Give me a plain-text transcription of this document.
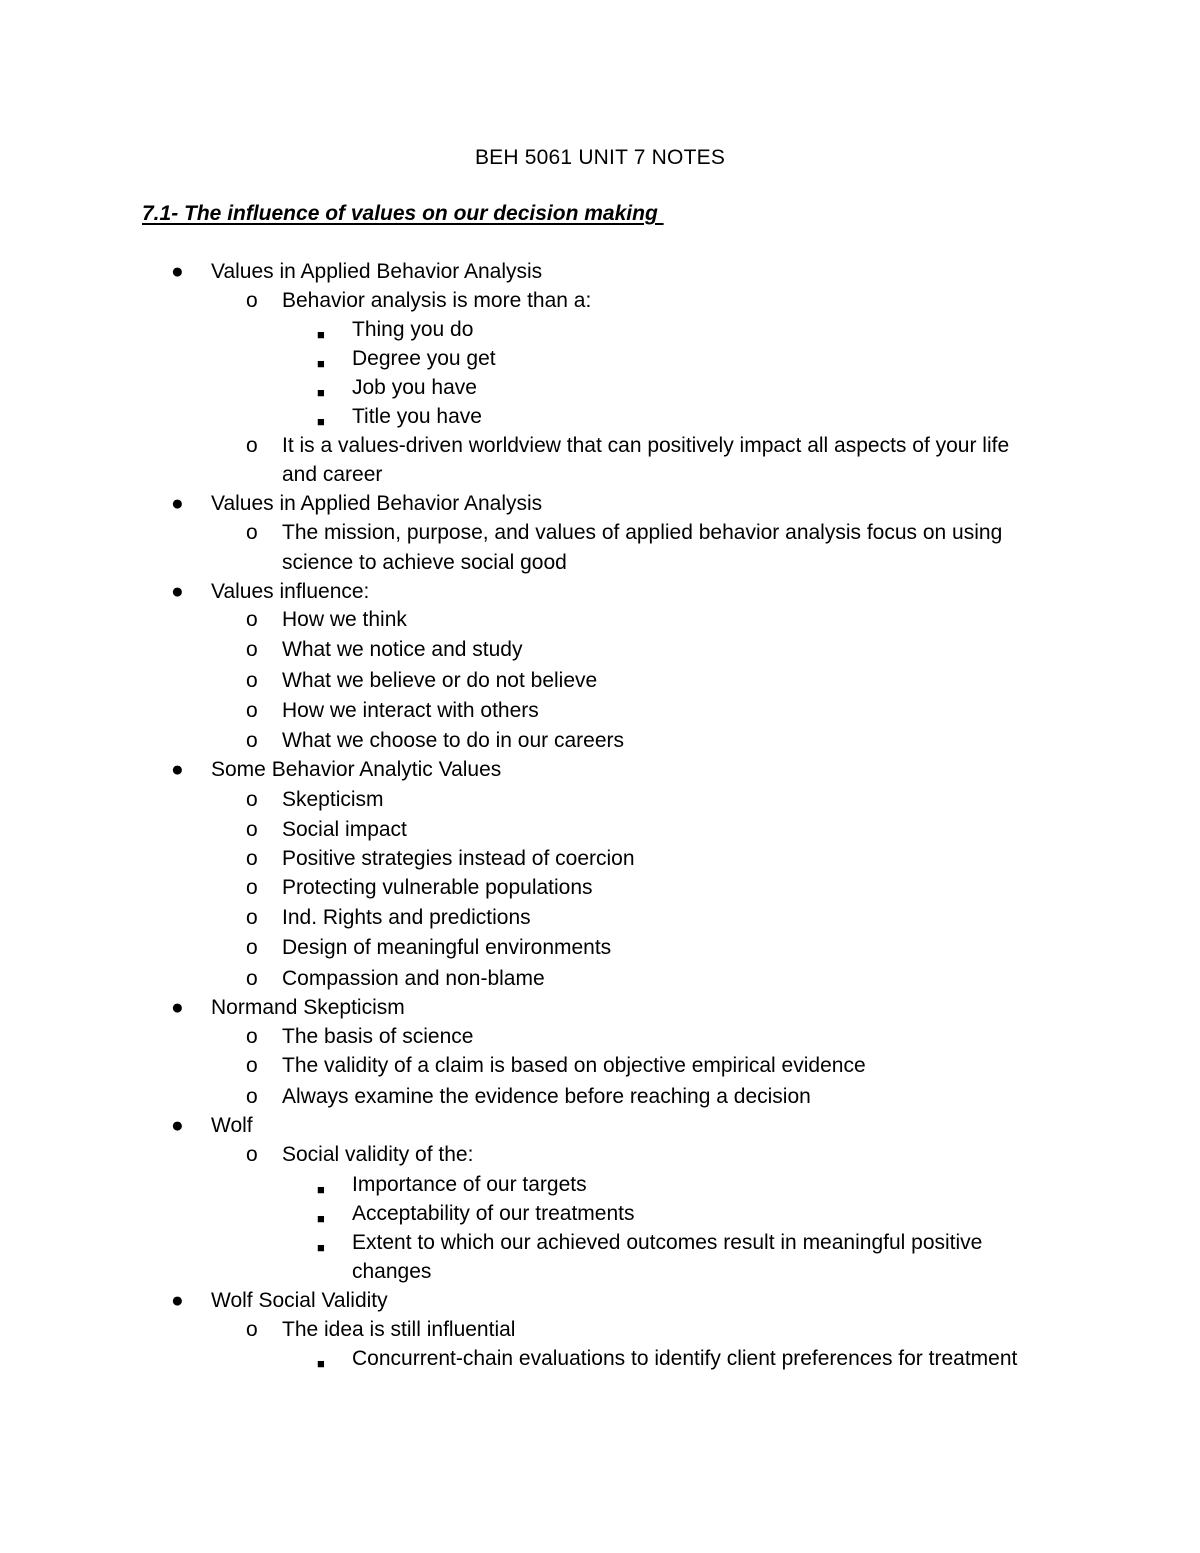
BEH 5061 UNIT 7 NOTES
7.1- The influence of values on our decision making
● Values in Applied Behavior Analysis
o Behavior analysis is more than a:
■ Thing you do
■ Degree you get
■ Job you have
■ Title you have
o It is a values-driven worldview that can positively impact all aspects of your life
and career
● Values in Applied Behavior Analysis
o The mission, purpose, and values of applied behavior analysis focus on using
science to achieve social good
● Values influence:
o How we think
o What we notice and study
o What we believe or do not believe
o How we interact with others
o What we choose to do in our careers
● Some Behavior Analytic Values
o Skepticism
o Social impact
o Positive strategies instead of coercion
o Protecting vulnerable populations
o Ind. Rights and predictions
o Design of meaningful environments
o Compassion and non-blame
● Normand Skepticism
o The basis of science
o The validity of a claim is based on objective empirical evidence
o Always examine the evidence before reaching a decision
● Wolf
o Social validity of the:
■ Importance of our targets
■ Acceptability of our treatments
■ Extent to which our achieved outcomes result in meaningful positive
changes
● Wolf Social Validity
o The idea is still influential
■ Concurrent-chain evaluations to identify client preferences for treatment
